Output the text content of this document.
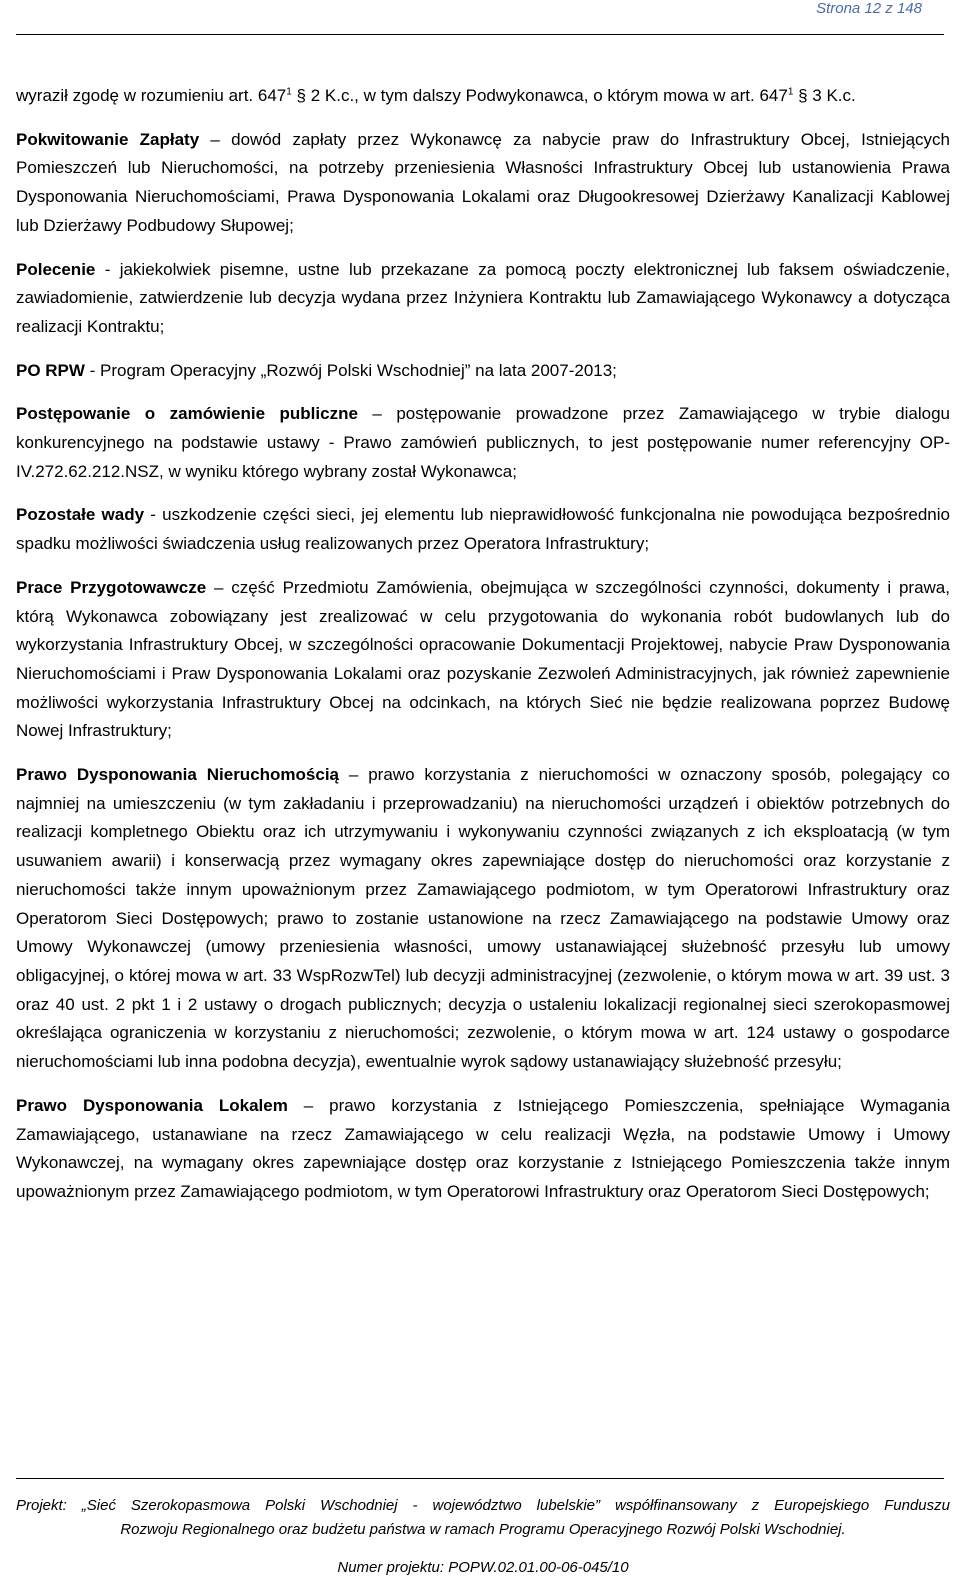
Strona 12 z 148

wyraził zgodę w rozumieniu art. $647^1$ § 2 K.c., w tym dalszy Podwykonawca, o którym mowa w art. $647^1$ § 3 K.c.

Pokwitowanie Zapłaty – dowód zapłaty przez Wykonawcę za nabycie praw do Infrastruktury Obcej, Istniejących Pomieszczeń lub Nieruchomości, na potrzeby przeniesienia Własności Infrastruktury Obcej lub ustanowienia Prawa Dysponowania Nieruchomościami, Prawa Dysponowania Lokalami oraz Długookresowej Dzierżawy Kanalizacji Kablowej lub Dzierżawy Podbudowy Słupowej;

Polecenie - jakiekolwiek pisemne, ustne lub przekazane za pomocą poczty elektronicznej lub faksem oświadczenie, zawiadomienie, zatwierdzenie lub decyzja wydana przez Inżyniera Kontraktu lub Zamawiającego Wykonawcy a dotycząca realizacji Kontraktu;

PO RPW - Program Operacyjny „Rozwój Polski Wschodniej” na lata 2007-2013;

Postępowanie o zamówienie publiczne – postępowanie prowadzone przez Zamawiającego w trybie dialogu konkurencyjnego na podstawie ustawy - Prawo zamówień publicznych, to jest postępowanie numer referencyjny OP-IV.272.62.212.NSZ, w wyniku którego wybrany został Wykonawca;

Pozostałe wady - uszkodzenie części sieci, jej elementu lub nieprawidłowość funkcjonalna nie powodująca bezpośrednio spadku możliwości świadczenia usług realizowanych przez Operatora Infrastruktury;

Prace Przygotowawcze – część Przedmiotu Zamówienia, obejmująca w szczególności czynności, dokumenty i prawa, którą Wykonawca zobowiązany jest zrealizować w celu przygotowania do wykonania robót budowlanych lub do wykorzystania Infrastruktury Obcej, w szczególności opracowanie Dokumentacji Projektowej, nabycie Praw Dysponowania Nieruchomościami i Praw Dysponowania Lokalami oraz pozyskanie Zezwoleń Administracyjnych, jak również zapewnienie możliwości wykorzystania Infrastruktury Obcej na odcinkach, na których Sieć nie będzie realizowana poprzez Budowę Nowej Infrastruktury;

Prawo Dysponowania Nieruchomością – prawo korzystania z nieruchomości w oznaczony sposób, polegający co najmniej na umieszczeniu (w tym zakładaniu i przeprowadzaniu) na nieruchomości urządzeń i obiektów potrzebnych do realizacji kompletnego Obiektu oraz ich utrzymywaniu i wykonywaniu czynności związanych z ich eksploatacją (w tym usuwaniem awarii) i konserwacją przez wymagany okres zapewniające dostęp do nieruchomości oraz korzystanie z nieruchomości także innym upoważnionym przez Zamawiającego podmiotom, w tym Operatorowi Infrastruktury oraz Operatorom Sieci Dostępowych; prawo to zostanie ustanowione na rzecz Zamawiającego na podstawie Umowy oraz Umowy Wykonawczej (umowy przeniesienia własności, umowy ustanawiającej służebność przesyłu lub umowy obligacyjnej, o której mowa w art. 33 WspRozwTel) lub decyzji administracyjnej (zezwolenie, o którym mowa w art. 39 ust. 3 oraz 40 ust. 2 pkt 1 i 2 ustawy o drogach publicznych; decyzja o ustaleniu lokalizacji regionalnej sieci szerokopasmowej określająca ograniczenia w korzystaniu z nieruchomości; zezwolenie, o którym mowa w art. 124 ustawy o gospodarce nieruchomościami lub inna podobna decyzja), ewentualnie wyrok sądowy ustanawiający służebność przesyłu;

Prawo Dysponowania Lokalem – prawo korzystania z Istniejącego Pomieszczenia, spełniające Wymagania Zamawiającego, ustanawiane na rzecz Zamawiającego w celu realizacji Węzła, na podstawie Umowy i Umowy Wykonawczej, na wymagany okres zapewniające dostęp oraz korzystanie z Istniejącego Pomieszczenia także innym upoważnionym przez Zamawiającego podmiotom, w tym Operatorowi Infrastruktury oraz Operatorom Sieci Dostępowych;

Projekt: „Sieć Szerokopasmowa Polski Wschodniej - województwo lubelskie” współfinansowany z Europejskiego Funduszu
Rozwoju Regionalnego oraz budżetu państwa w ramach Programu Operacyjnego Rozwój Polski Wschodniej.
Numer projektu: POPW.02.01.00-06-045/10
